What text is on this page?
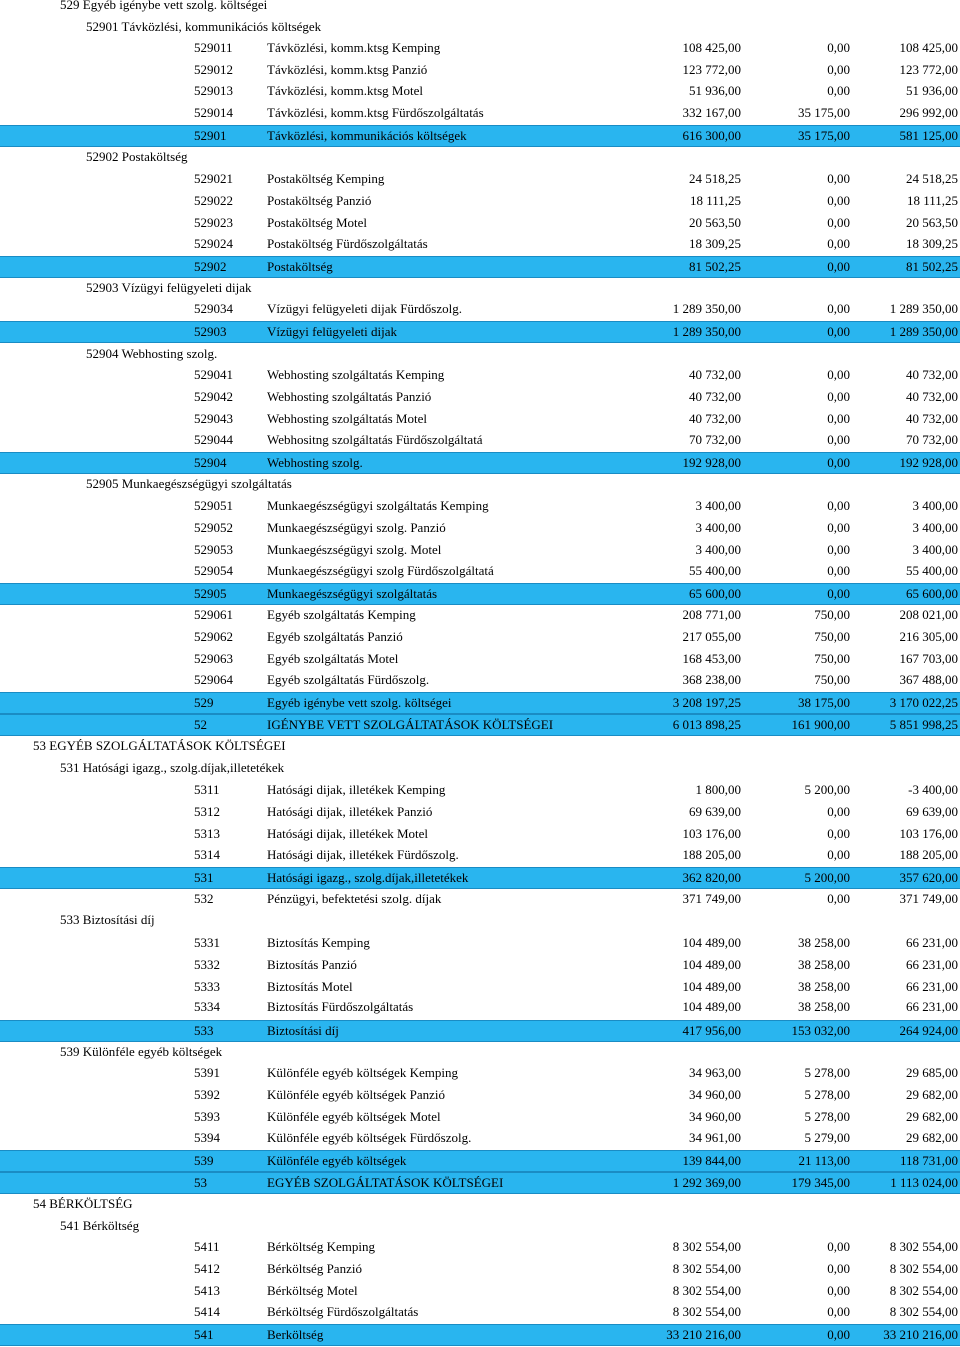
529 Egyéb igénybe vett szolg. költségei
52901 Távközlési, kommunikációs költségek
529011	Távközlési, komm.ktsg Kemping	108 425,00	0,00	108 425,00
529012	Távközlési, komm.ktsg Panzió	123 772,00	0,00	123 772,00
529013	Távközlési, komm.ktsg Motel	51 936,00	0,00	51 936,00
529014	Távközlési, komm.ktsg Fürdőszolgáltatás	332 167,00	35 175,00	296 992,00
52901	Távközlési, kommunikációs költségek	616 300,00	35 175,00	581 125,00
52902 Postaköltség
529021	Postaköltség Kemping	24 518,25	0,00	24 518,25
529022	Postaköltség Panzió	18 111,25	0,00	18 111,25
529023	Postaköltség Motel	20 563,50	0,00	20 563,50
529024	Postaköltség Fürdőszolgáltatás	18 309,25	0,00	18 309,25
52902	Postaköltség	81 502,25	0,00	81 502,25
52903 Vízügyi felügyeleti dijak
529034	Vízügyi felügyeleti dijak Fürdőszolg.	1 289 350,00	0,00	1 289 350,00
52903	Vízügyi felügyeleti dijak	1 289 350,00	0,00	1 289 350,00
52904 Webhosting szolg.
529041	Webhosting szolgáltatás Kemping	40 732,00	0,00	40 732,00
529042	Webhosting szolgáltatás Panzió	40 732,00	0,00	40 732,00
529043	Webhosting szolgáltatás Motel	40 732,00	0,00	40 732,00
529044	Webhositng szolgáltatás Fürdőszolgáltatá	70 732,00	0,00	70 732,00
52904	Webhosting szolg.	192 928,00	0,00	192 928,00
52905 Munkaegészségügyi szolgáltatás
529051	Munkaegészségügyi szolgáltatás Kemping	3 400,00	0,00	3 400,00
529052	Munkaegészségügyi szolg. Panzió	3 400,00	0,00	3 400,00
529053	Munkaegészségügyi szolg. Motel	3 400,00	0,00	3 400,00
529054	Munkaegészségügyi szolg Fürdőszolgáltatá	55 400,00	0,00	55 400,00
52905	Munkaegészségügyi szolgáltatás	65 600,00	0,00	65 600,00
529061	Egyéb szolgáltatás Kemping	208 771,00	750,00	208 021,00
529062	Egyéb szolgáltatás Panzió	217 055,00	750,00	216 305,00
529063	Egyéb szolgáltatás Motel	168 453,00	750,00	167 703,00
529064	Egyéb szolgáltatás Fürdőszolg.	368 238,00	750,00	367 488,00
529	Egyéb igénybe vett szolg. költségei	3 208 197,25	38 175,00	3 170 022,25
52	IGÉNYBE VETT SZOLGÁLTATÁSOK KÖLTSÉGEI	6 013 898,25	161 900,00	5 851 998,25
53 EGYÉB SZOLGÁLTATÁSOK KÖLTSÉGEI
531 Hatósági igazg., szolg.díjak,illetetékek
5311	Hatósági dijak, illetékek Kemping	1 800,00	5 200,00	-3 400,00
5312	Hatósági dijak, illetékek Panzió	69 639,00	0,00	69 639,00
5313	Hatósági dijak, illetékek Motel	103 176,00	0,00	103 176,00
5314	Hatósági dijak, illetékek Fürdőszolg.	188 205,00	0,00	188 205,00
531	Hatósági igazg., szolg.díjak,illetetékek	362 820,00	5 200,00	357 620,00
532	Pénzügyi, befektetési szolg. díjak	371 749,00	0,00	371 749,00
533 Biztosítási díj
5331	Biztosítás Kemping	104 489,00	38 258,00	66 231,00
5332	Biztosítás Panzió	104 489,00	38 258,00	66 231,00
5333	Biztosítás Motel	104 489,00	38 258,00	66 231,00
5334	Biztosítás Fürdőszolgáltatás	104 489,00	38 258,00	66 231,00
533	Biztosítási díj	417 956,00	153 032,00	264 924,00
539 Különféle egyéb költségek
5391	Különféle egyéb költségek Kemping	34 963,00	5 278,00	29 685,00
5392	Különféle egyéb költségek Panzió	34 960,00	5 278,00	29 682,00
5393	Különféle egyéb költségek Motel	34 960,00	5 278,00	29 682,00
5394	Különféle egyéb költségek Fürdőszolg.	34 961,00	5 279,00	29 682,00
539	Különféle egyéb költségek	139 844,00	21 113,00	118 731,00
53	EGYÉB SZOLGÁLTATÁSOK KÖLTSÉGEI	1 292 369,00	179 345,00	1 113 024,00
54 BÉRKÖLTSÉG
541 Bérköltség
5411	Bérköltség Kemping	8 302 554,00	0,00	8 302 554,00
5412	Bérköltség Panzió	8 302 554,00	0,00	8 302 554,00
5413	Bérköltség Motel	8 302 554,00	0,00	8 302 554,00
5414	Bérköltség Fürdőszolgáltatás	8 302 554,00	0,00	8 302 554,00
541	Berköltség	33 210 216,00	0,00	33 210 216,00
